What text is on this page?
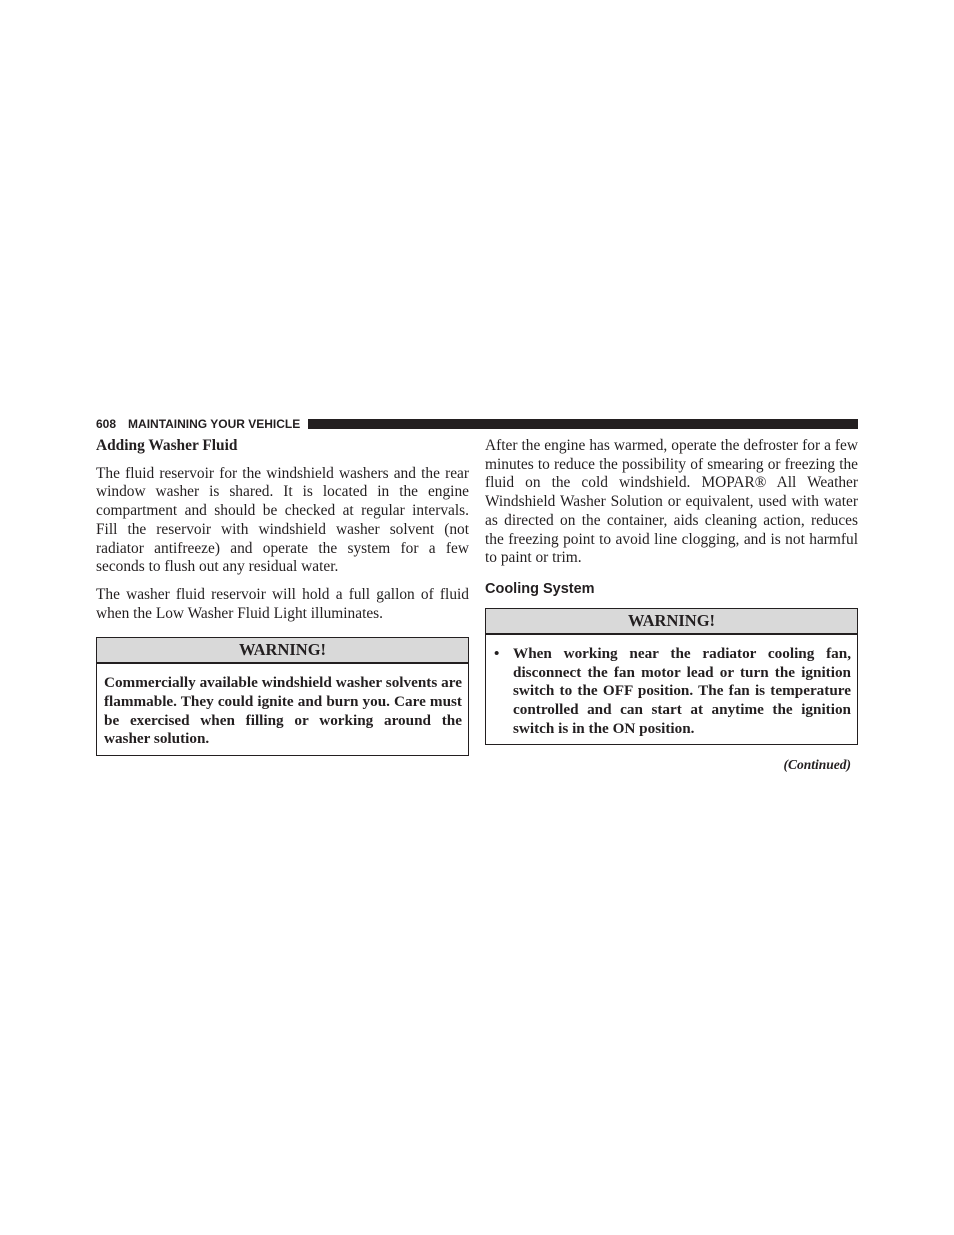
608 MAINTAINING YOUR VEHICLE
Adding Washer Fluid

The fluid reservoir for the windshield washers and the rear window washer is shared. It is located in the engine compartment and should be checked at regular intervals. Fill the reservoir with windshield washer solvent (not radiator antifreeze) and operate the system for a few seconds to flush out any residual water.

The washer fluid reservoir will hold a full gallon of fluid when the Low Washer Fluid Light illuminates.

WARNING!
Commercially available windshield washer solvents are flammable. They could ignite and burn you. Care must be exercised when filling or working around the washer solution.

After the engine has warmed, operate the defroster for a few minutes to reduce the possibility of smearing or freezing the fluid on the cold windshield. MOPAR® All Weather Windshield Washer Solution or equivalent, used with water as directed on the container, aids cleaning action, reduces the freezing point to avoid line clogging, and is not harmful to paint or trim.

Cooling System
WARNING!
• When working near the radiator cooling fan, disconnect the fan motor lead or turn the ignition switch to the OFF position. The fan is temperature controlled and can start at anytime the ignition switch is in the ON position.
(Continued)
